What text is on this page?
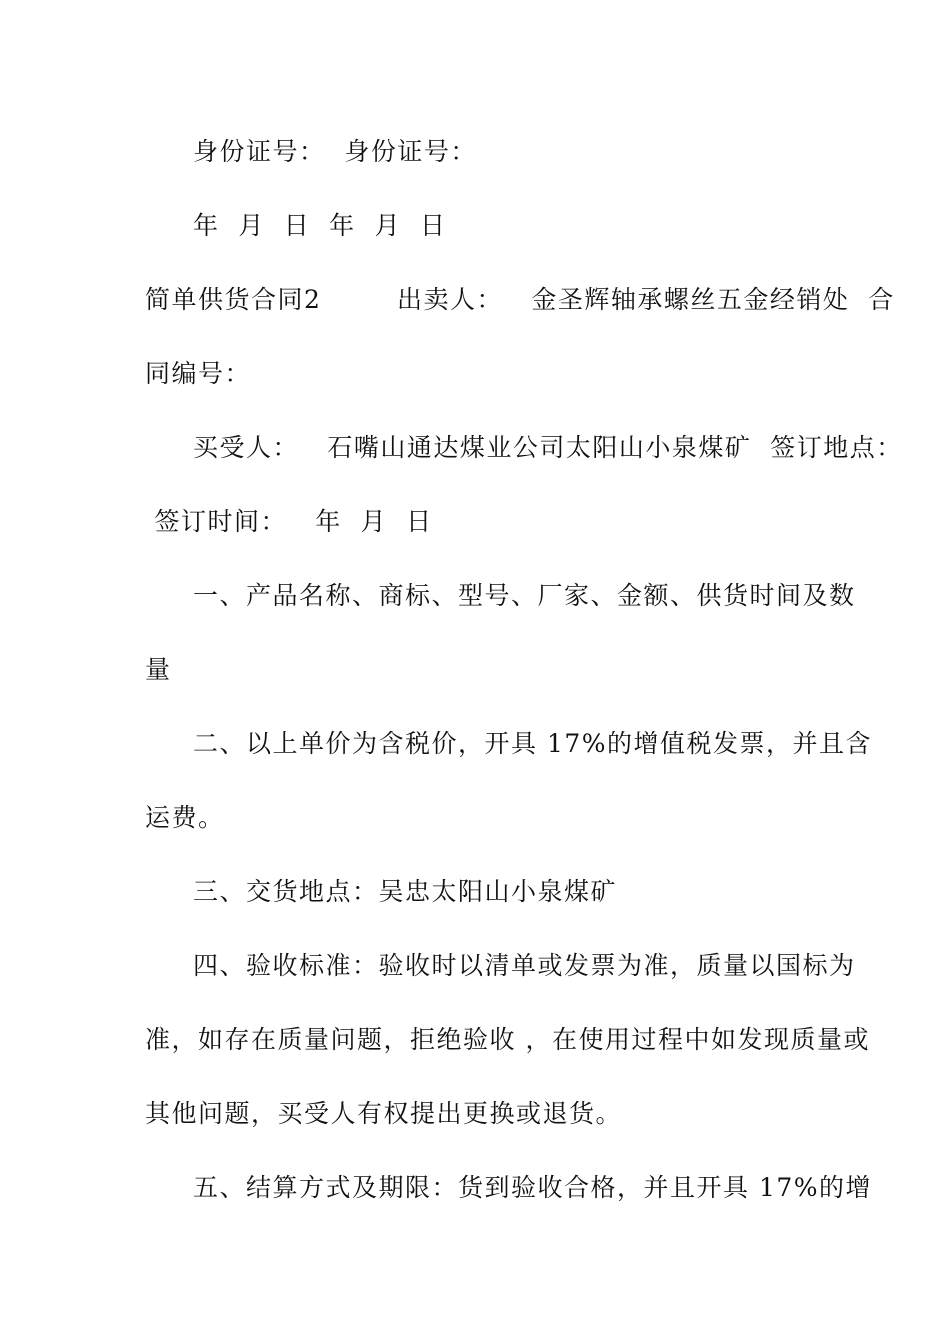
身份证号：  身份证号：

年  月  日  年  月  日

简单供货合同2        出卖人：   金圣辉轴承螺丝五金经销处  合

同编号：

买受人：   石嘴山通达煤业公司太阳山小泉煤矿  签订地点：

签订时间：   年  月  日

一、产品名称、商标、型号、厂家、金额、供货时间及数

量

二、以上单价为含税价，开具 17%的增值税发票，并且含

运费。

三、交货地点：吴忠太阳山小泉煤矿

四、验收标准：验收时以清单或发票为准，质量以国标为

准，如存在质量问题，拒绝验收 ，在使用过程中如发现质量或

其他问题，买受人有权提出更换或退货。

五、结算方式及期限：货到验收合格，并且开具 17%的增
